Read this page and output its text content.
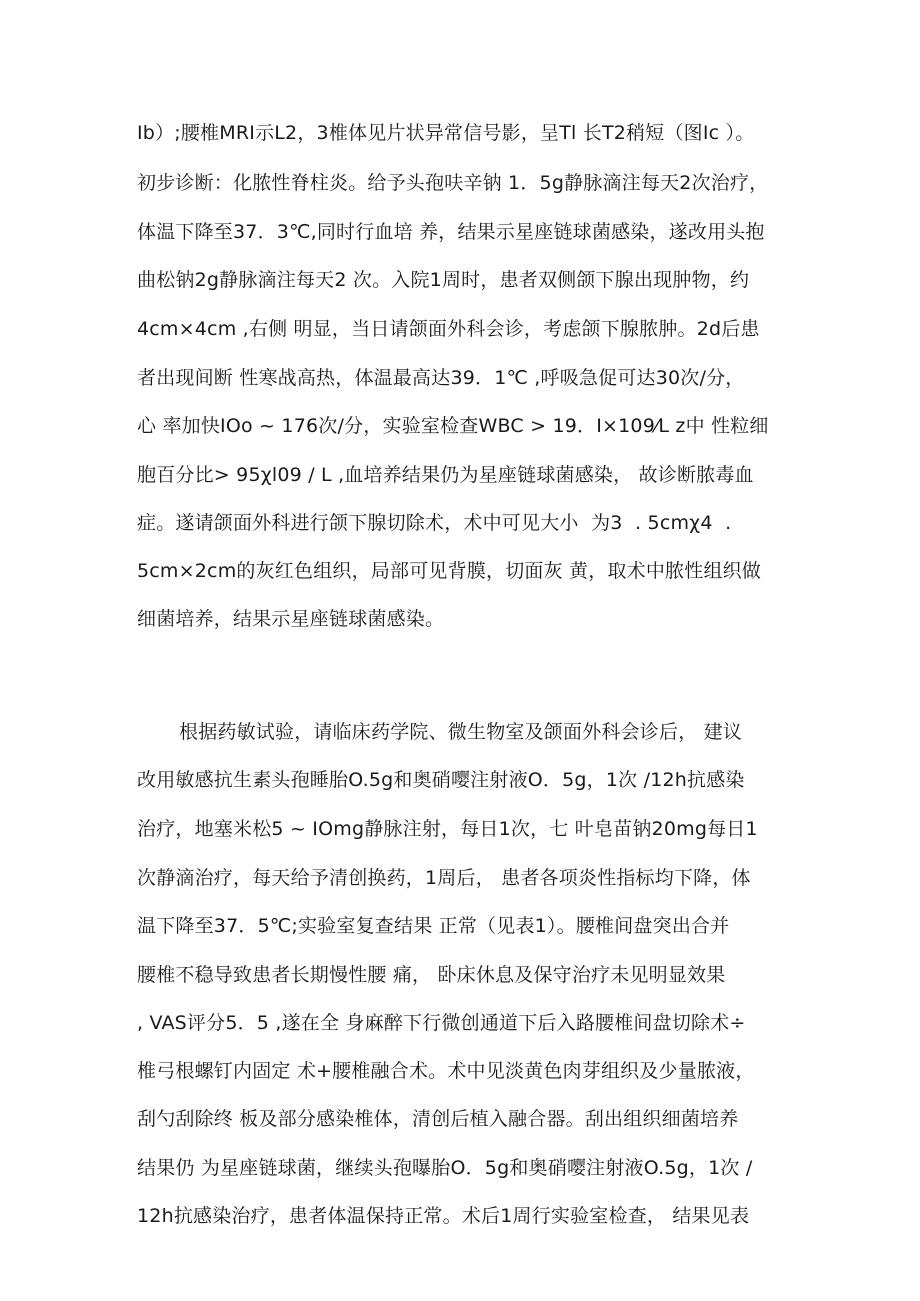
Ib）;腰椎MRI示L2，3椎体见片状异常信号影，呈Tl 长T2稍短（图Ic ）。
初步诊断：化脓性脊柱炎。给予头孢呋辛钠 1．5g静脉滴注每天2次治疗，
体温下降至37．3℃,同时行血培 养，结果示星座链球菌感染，遂改用头抱
曲松钠2g静脉滴注每天2 次。入院1周时，患者双侧颌下腺出现肿物，约
4cm×4cm ,右侧 明显，当日请颌面外科会诊，考虑颌下腺脓肿。2d后患
者出现间断 性寒战高热，体温最高达39．1℃ ,呼吸急促可达30次/分，
心 率加快IOo ~ 176次/分，实验室检查WBC > 19．I×109⁄L z中 性粒细
胞百分比> 95χl09 / L ,血培养结果仍为星座链球菌感染， 故诊断脓毒血
症。遂请颌面外科进行颌下腺切除术，术中可见大小  为3  . 5cmχ4  .
5cm×2cm的灰红色组织，局部可见背膜，切面灰 黄，取术中脓性组织做
细菌培养，结果示星座链球菌感染。
根据药敏试验，请临床药学院、微生物室及颌面外科会诊后， 建议
改用敏感抗生素头孢睡胎O.5g和奥硝嘤注射液O．5g，1次 /12h抗感染
治疗，地塞米松5 ~ IOmg静脉注射，每日1次，七 叶皂苗钠20mg每日1
次静滴治疗，每天给予清创换药，1周后， 患者各项炎性指标均下降，体
温下降至37．5℃;实验室复查结果 正常（见表1）。腰椎间盘突出合并
腰椎不稳导致患者长期慢性腰 痛， 卧床休息及保守治疗未见明显效果
, VAS评分5．5 ,遂在全 身麻醉下行微创通道下后入路腰椎间盘切除术÷
椎弓根螺钉内固定 术+腰椎融合术。术中见淡黄色肉芽组织及少量脓液，
刮勺刮除终 板及部分感染椎体，清创后植入融合器。刮出组织细菌培养
结果仍 为星座链球菌，继续头孢曝胎O．5g和奥硝嘤注射液O.5g，1次 /
12h抗感染治疗，患者体温保持正常。术后1周行实验室检查， 结果见表
